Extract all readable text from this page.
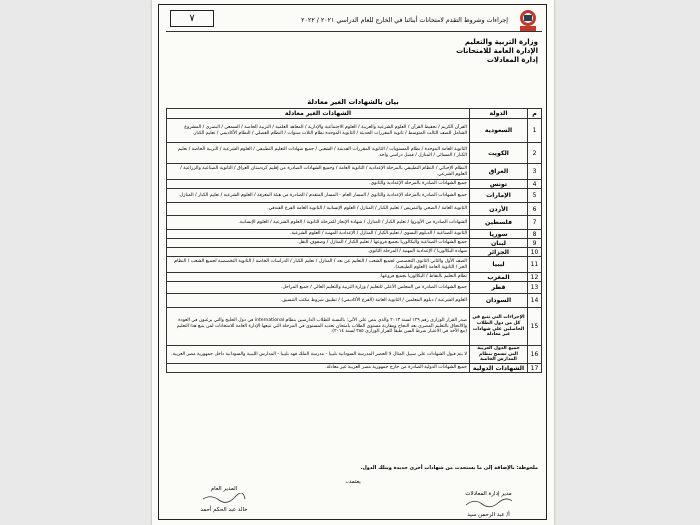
٧	إجراءات وشروط التقدم لامتحانات أبنائنا في الخارج للعام الدراسي ٢٠٢١ / ٢٠٢٢
وزارة التربية والتعليم
الإدارة العامة للامتحانات
إدارة المعادلات
بيان بالشهادات الغير معادلة
م	الدولة	الشهادات الغير معادلة
1	السعودية	القرآن الكريم / تحفيظ القرآن / العلوم الشرعية والعربية / العلوم الاجتماعية والإدارية / المعاهد العلمية / التربية الخاصة / السمعي / البصري / المشروع الشامل للصف الثالث المتوسط / ثانوية المقررات الحديثة / الثانوية الموحدة نظام الثلاث سنوات / النظام الفصلي / النظام الأكاديمي / تعليم الكبار.
2	الكويت	الثانوية العامة الموحدة / نظام المستويات / الثانوية المقررات القديمة / الشعبي / جميع شهادات التعليم التطبيقي / العلوم الشرعية / التربية الخاصة / تعليم الكبار / المسائي / المنازل / فصل دراسي واحد.
3	العراق	النظام الإحيائي / النظام التطبيقي بالمرحلة الإعدادية / الثانوية العامة / وجميع الشهادات الصادرة من إقليم كردستان العراق / الثانوية الصناعية والزراعية / العلوم الشرعي.
4	تونس	جميع الشهادات الصادرة بالمرحلة الإعدادية والثانوي.
5	الإمارات	جميع الشهادات الصادرة بالمرحلة الإعدادية والثانوي / المسار العام - المسار المتقدم / الصادرة من هيئة المعرفة / العلوم الشرعية / تعليم الكبار / المنازل.
6	الأردن	الثانوية العامة / الصحي والتمريض / تعليم الكبار / المنازل / العلوم الإنسانية / الثانوية العامة الفرع الفندقي.
7	فلسطين	الشهادات الصادرة من الأونروا / تعليم الكبار / المنازل / شهادة الإنجاز للمرحلة الثانوية / العلوم الشرعية / العلوم الإنسانية.
8	سوريا	الثانوية الصناعية / الدبلوم النسوي / تعليم الكبار / المنازل / الإعدادية المهنية / العلوم الشرعية.
9	لبنان	جميع الشهادات الصناعية والبكالوريا بجميع فروعها / تعليم الكبار / المنازل / وصفوف النقل.
10	الجزائر	شهادة البكالوريا / الإعدادية المهنية / المرحلة الثانوي.
11	ليبيا	الصف الأول والثاني الثانوي التخصصي لجميع الشعب / التعليم عن بعد / المنازل / تعليم الكبار / الدراسات الخاصة / الثانوية التخصصية لجميع الشعب / النظام الحر / الثانوية العامة (العلوم الطبيعية).
12	المغرب	نظام التعليم بالنقاط / البكالوريا بجميع فروعها.
13	قطر	جميع الشهادات الصادرة من المجلس الأعلى للتعليم / وزارة التربية والتعليم العالي / جميع المراحل.
14	السودان	العلوم الشرعية / دبلوم المعلمين / الثانوية العامة (الفرع الأكاديمي) / تطبيق شروط مكتب التنسيق.
15	الإجراءات التي تتبع في كل من دول الطلاب الحاصلين على شهادات غير معادلة	صدر القرار الوزاري رقم ١٢٩ لسنة ٢٠١٣ والذي ينص على الآتي: بالنسبة للطلاب الدارسين بنظام international في دول الخليج والتي يرغبون في العودة والالتحاق بالتعليم المصري بعد النجاح ومقارنة مستوى الطلاب بامتحان تحديد المستوى في المرحلة التي تتبعها الإدارة العامة للامتحانات لمن يتبع هذا التعليم (مع الأخذ في الاعتبار شرط السن طبقاً للقرار الوزاري ٢٨٥ لسنة ٢٠١٤).
16	جميع الدول العربية التي تسمح بنظام المدارس الخاصة	لا يتم قبول الشهادات على سبيل المثال لا الحصر المدرسة السودانية بليبيا - مدرسة الملك فهد بليبيا - المدارس الليبية والسودانية داخل جمهورية مصر العربية.
17	الشهادات الدولية	جميع الشهادات الدولية الصادرة من خارج جمهورية مصر العربية غير معادلة.
ملحوظة: بالإضافة إلى ما يستحدث من شهادات أخرى جديدة وبتلك الدول.
يعتمد،،
مدير إدارة المعادلات
أ/ عبد الرحمن سيد
المدير العام
خالد عبد الحكم أحمد
